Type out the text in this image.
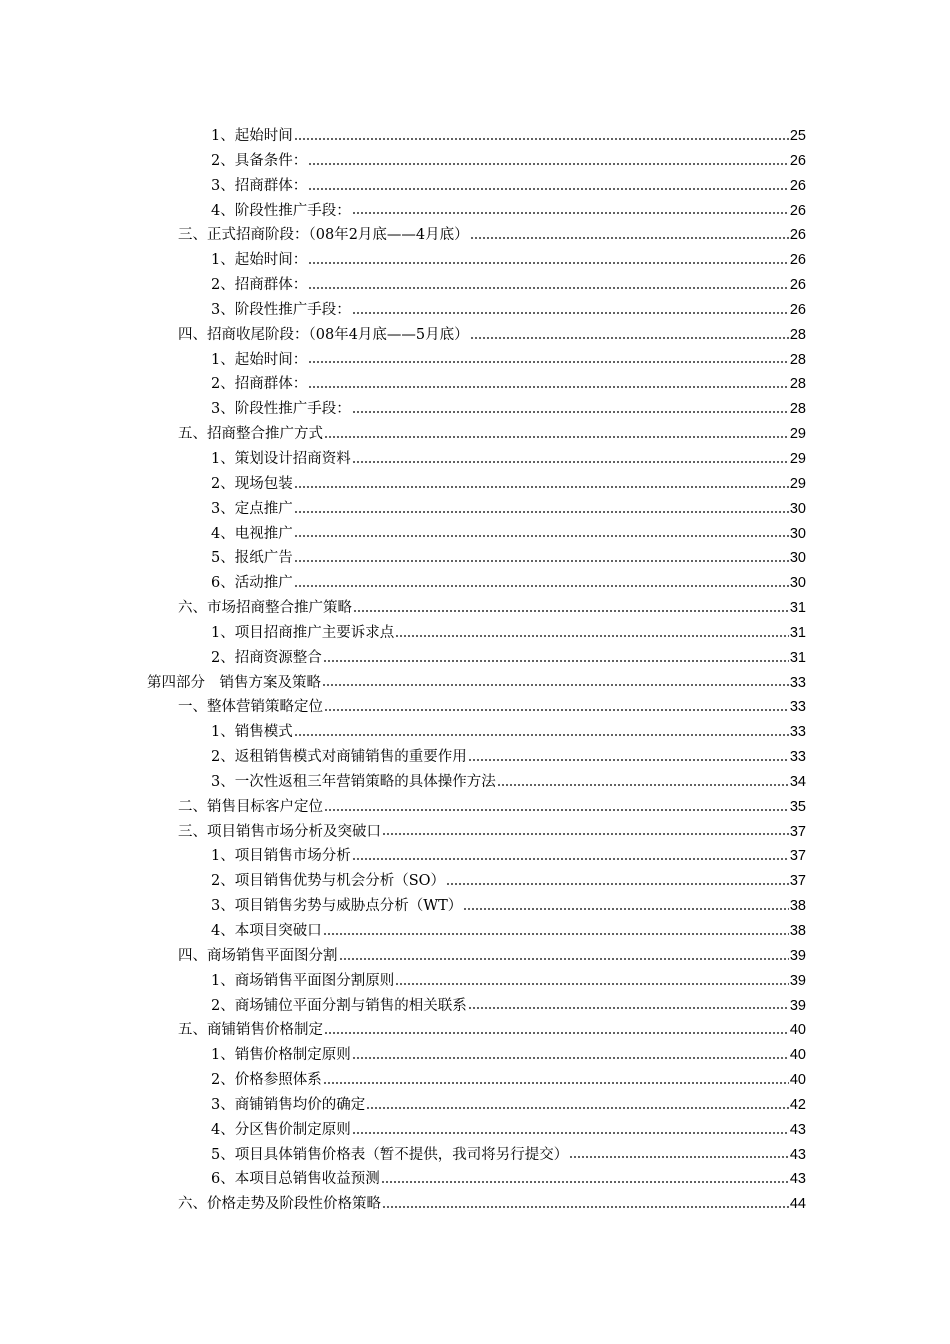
1、起始时间	25
2、具备条件：	26
3、招商群体：	26
4、阶段性推广手段：	26
三、正式招商阶段：（08年2月底——4月底）	26
1、起始时间：	26
2、招商群体：	26
3、阶段性推广手段：	26
四、招商收尾阶段：（08年4月底——5月底）	28
1、起始时间：	28
2、招商群体：	28
3、阶段性推广手段：	28
五、招商整合推广方式	29
1、策划设计招商资料	29
2、现场包装	29
3、定点推广	30
4、电视推广	30
5、报纸广告	30
6、活动推广	30
六、市场招商整合推广策略	31
1、项目招商推广主要诉求点	31
2、招商资源整合	31
第四部分　销售方案及策略	33
一、整体营销策略定位	33
1、销售模式	33
2、返租销售模式对商铺销售的重要作用	33
3、一次性返租三年营销策略的具体操作方法	34
二、销售目标客户定位	35
三、项目销售市场分析及突破口	37
1、项目销售市场分析	37
2、项目销售优势与机会分析（SO）	37
3、项目销售劣势与威胁点分析（WT）	38
4、本项目突破口	38
四、商场销售平面图分割	39
1、商场销售平面图分割原则	39
2、商场铺位平面分割与销售的相关联系	39
五、商铺销售价格制定	40
1、销售价格制定原则	40
2、价格参照体系	40
3、商铺销售均价的确定	42
4、分区售价制定原则	43
5、项目具体销售价格表（暂不提供，我司将另行提交）	43
6、本项目总销售收益预测	43
六、价格走势及阶段性价格策略	44
